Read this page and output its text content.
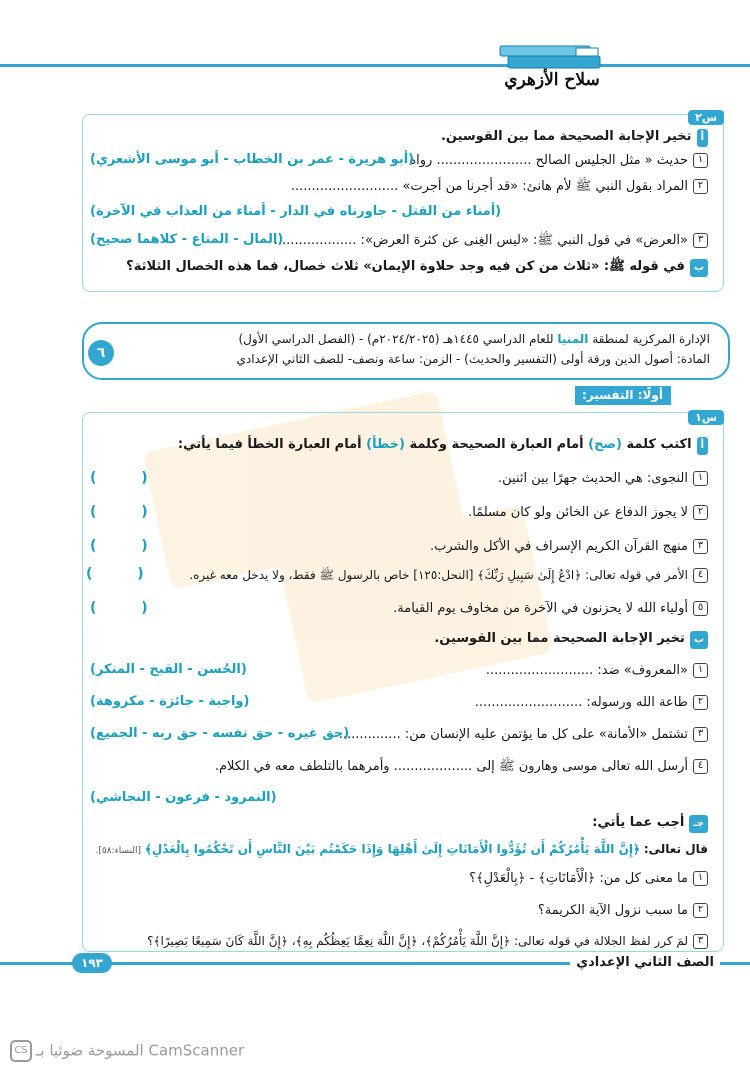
سلاح الأزهري
س٢
أتخير الإجابة الصحيحة مما بين القوسين.
١حديث « مثل الجليس الصالح ....................... رواه
(أبو هريرة - عمر بن الخطاب - أبو موسى الأشعري)
٢المراد بقول النبي ﷺ لأم هانئ: «قد أجرنا من أجرت» ..........................
(أمناء من القتل - جاورناه في الدار - أمناء من العذاب في الآخرة)
٣«العرض» في قول النبي ﷺ: «ليس الغِنى عن كثرة العرض»: ....................
(المال - المتاع - كلاهما صحيح)
بفي قوله ﷺ: «ثلاث من كن فيه وجد حلاوة الإيمان» ثلاث خصال، فما هذه الخصال الثلاثة؟
٦
الإدارة المركزية لمنطقة المنيا للعام الدراسي ١٤٤٥هـ (٢٠٢٤/٢٠٢٥م) - (الفصل الدراسي الأول)
المادة: أصول الدين ورقة أولى (التفسير والحديث) - الزمن: ساعة ونصف- للصف الثاني الإعدادي
أولًا: التفسير:
س١
أاكتب كلمة (صح) أمام العبارة الصحيحة وكلمة (خطأ) أمام العبارة الخطأ فيما يأتي:
١النجوى: هي الحديث جهرًا بين اثنين.
( )
٢لا يجوز الدفاع عن الخائن ولو كان مسلمًا.
( )
٣منهج القرآن الكريم الإسراف في الأكل والشرب.
( )
٤الأمر في قوله تعالى: ﴿ادْعُ إِلَىٰ سَبِيلِ رَبِّكَ﴾ [النحل:١٢٥] خاص بالرسول ﷺ فقط، ولا يدخل معه غيره.
( )
٥أولياء الله لا يحزنون في الآخرة من مخاوف يوم القيامة.
( )
بتخير الإجابة الصحيحة مما بين القوسين.
١«المعروف» ضد: ..........................
(الحُسن - القبح - المنكر)
٢طاعة الله ورسوله: ..........................
(واجبة - جائزة - مكروهة)
٣تشتمل «الأمانة» على كل ما يؤتمن عليه الإنسان من: ...............
(حق غيره - حق نفسه - حق ربه - الجميع)
٤أرسل الله تعالى موسى وهارون ﷺ إلى ................... وأمرهما بالتلطف معه في الكلام.
(النمرود - فرعون - النجاشي)
جـأجب عما يأتي:
قال تعالى: ﴿إِنَّ اللَّهَ يَأْمُرُكُمْ أَن تُؤَدُّوا الْأَمَانَاتِ إِلَىٰ أَهْلِهَا وَإِذَا حَكَمْتُم بَيْنَ النَّاسِ أَن تَحْكُمُوا بِالْعَدْلِ﴾ [النساء:٥٨].
١ما معنى كل من: ﴿الْأَمَانَاتِ﴾ - ﴿بِالْعَدْلِ﴾؟
٢ما سبب نزول الآية الكريمة؟
٣لمَ كرر لفظ الجلالة في قوله تعالى: ﴿إِنَّ اللَّهَ يَأْمُرُكُمْ﴾، ﴿إِنَّ اللَّهَ نِعِمَّا يَعِظُكُم بِهِ﴾، ﴿إِنَّ اللَّهَ كَانَ سَمِيعًا بَصِيرًا﴾؟
الصف الثاني الإعدادي
١٩٣
CS المسوحة ضوئيا بـ CamScanner
